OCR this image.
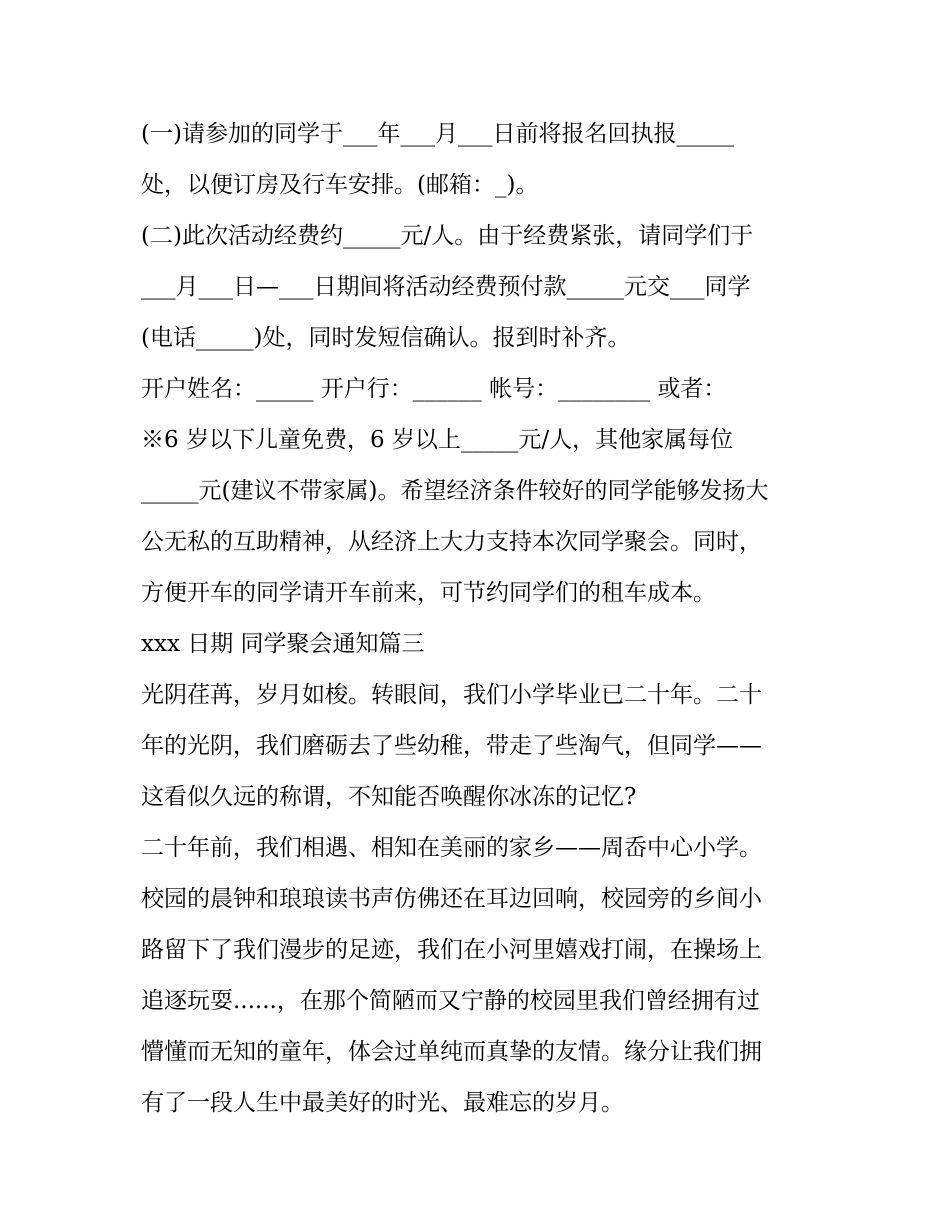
(一)请参加的同学于___年___月___日前将报名回执报_____
处，以便订房及行车安排。(邮箱：_)。
(二)此次活动经费约_____元/人。由于经费紧张，请同学们于
___月___日—___日期间将活动经费预付款_____元交___同学
(电话_____)处，同时发短信确认。报到时补齐。
开户姓名：_____ 开户行：______ 帐号：________ 或者：
※6 岁以下儿童免费，6 岁以上_____元/人，其他家属每位
_____元(建议不带家属)。希望经济条件较好的同学能够发扬大
公无私的互助精神，从经济上大力支持本次同学聚会。同时，
方便开车的同学请开车前来，可节约同学们的租车成本。
xxx 日期 同学聚会通知篇三
光阴荏苒，岁月如梭。转眼间，我们小学毕业已二十年。二十
年的光阴，我们磨砺去了些幼稚，带走了些淘气，但同学——
这看似久远的称谓，不知能否唤醒你冰冻的记忆?
二十年前，我们相遇、相知在美丽的家乡——周岙中心小学。
校园的晨钟和琅琅读书声仿佛还在耳边回响，校园旁的乡间小
路留下了我们漫步的足迹，我们在小河里嬉戏打闹，在操场上
追逐玩耍......，在那个简陋而又宁静的校园里我们曾经拥有过
懵懂而无知的童年，体会过单纯而真挚的友情。缘分让我们拥
有了一段人生中最美好的时光、最难忘的岁月。
